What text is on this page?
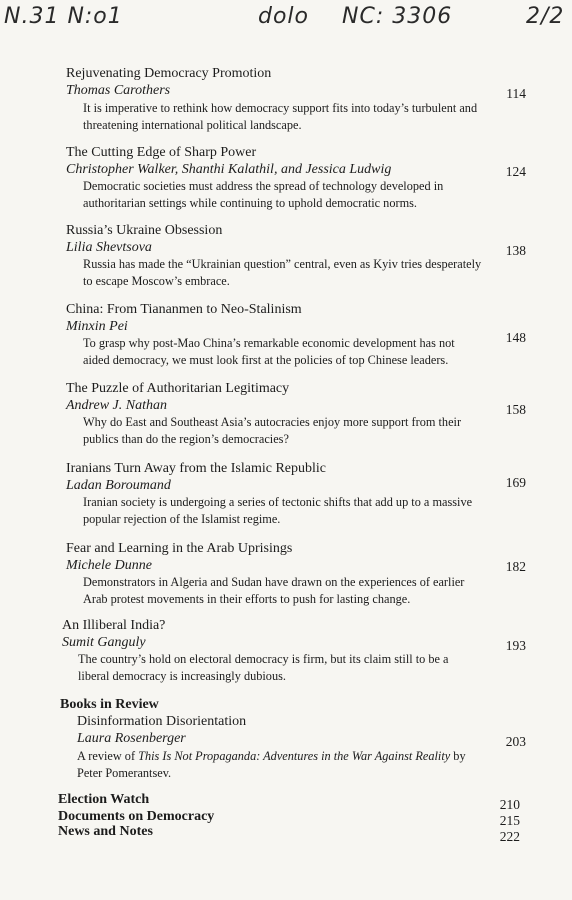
N.31 N:o1	dolo NC: 3306	2/2
Rejuvenating Democracy Promotion
Thomas Carothers
It is imperative to rethink how democracy support fits into today’s turbulent and threatening international political landscape.
114
The Cutting Edge of Sharp Power
Christopher Walker, Shanthi Kalathil, and Jessica Ludwig
Democratic societies must address the spread of technology developed in authoritarian settings while continuing to uphold democratic norms.
124
Russia’s Ukraine Obsession
Lilia Shevtsova
Russia has made the “Ukrainian question” central, even as Kyiv tries desperately to escape Moscow’s embrace.
138
China: From Tiananmen to Neo-Stalinism
Minxin Pei
To grasp why post-Mao China’s remarkable economic development has not aided democracy, we must look first at the policies of top Chinese leaders.
148
The Puzzle of Authoritarian Legitimacy
Andrew J. Nathan
Why do East and Southeast Asia’s autocracies enjoy more support from their publics than do the region’s democracies?
158
Iranians Turn Away from the Islamic Republic
Ladan Boroumand
Iranian society is undergoing a series of tectonic shifts that add up to a massive popular rejection of the Islamist regime.
169
Fear and Learning in the Arab Uprisings
Michele Dunne
Demonstrators in Algeria and Sudan have drawn on the experiences of earlier Arab protest movements in their efforts to push for lasting change.
182
An Illiberal India?
Sumit Ganguly
The country’s hold on electoral democracy is firm, but its claim still to be a liberal democracy is increasingly dubious.
193
Books in Review
Disinformation Disorientation
Laura Rosenberger
A review of This Is Not Propaganda: Adventures in the War Against Reality by Peter Pomerantsev.
203
Election Watch	210
Documents on Democracy	215
News and Notes	222
